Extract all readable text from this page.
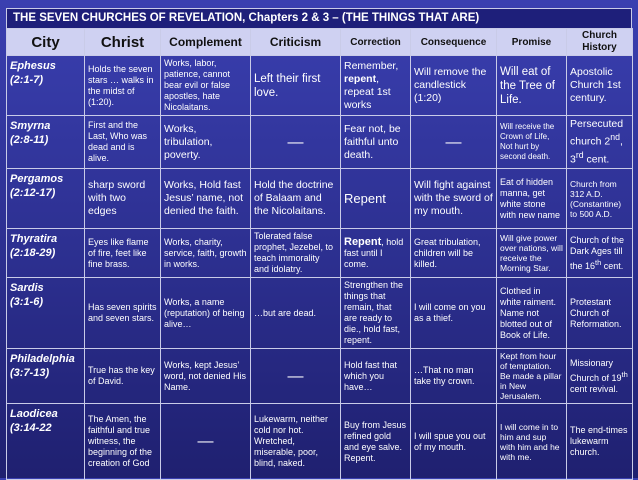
THE SEVEN CHURCHES OF REVELATION, Chapters 2 & 3 – (THE THINGS THAT ARE)
City	Christ	Complement	Criticism	Correction	Consequence	Promise	Church History

Ephesus
(2:1-7)	Holds the seven stars … walks in the midst of (1:20).	Works, labor, patience, cannot bear evil or false apostles, hate Nicolaitans.	Left their first love.	Remember, repent, repeat 1st works	Will remove the candlestick (1:20)	Will eat of the Tree of Life.	Apostolic Church 1st century.

Smyrna
(2:8-11)	First and the Last, Who was dead and is alive.	Works, tribulation, poverty.	—	Fear not, be faithful unto death.	—	Will receive the Crown of Life, Not hurt by second death.	Persecuted church 2nd, 3rd cent.

Pergamos
(2:12-17)	sharp sword with two edges	Works, Hold fast Jesus’ name, not denied the faith.	Hold the doctrine of Balaam and the Nicolaitans.	Repent	Will fight against with the sword of my mouth.	Eat of hidden manna, get white stone with new name	Church from 312 A.D. (Constantine) to 500 A.D.

Thyratira
(2:18-29)	Eyes like flame of fire, feet like fine brass.	Works, charity, service, faith, growth in works.	Tolerated false prophet, Jezebel, to teach immorality and idolatry.	Repent, hold fast until I come.	Great tribulation, children will be killed.	Will give power over nations, will receive the Morning Star.	Church of the Dark Ages till the 16th cent.

Sardis
(3:1-6)	Has seven spirits and seven stars.	Works, a name (reputation) of being alive…	…but are dead.	Strengthen the things that remain, that are ready to die., hold fast, repent.	I will come on you as a thief.	Clothed in white raiment. Name not blotted out of Book of Life.	Protestant Church of Reformation.

Philadelphia
(3:7-13)	True has the key of David.	Works, kept Jesus’ word, not denied His Name.	—	Hold fast that which you have…	…That no man take thy crown.	Kept from hour of temptation. Be made a pillar in New Jerusalem.	Missionary Church of 19th cent revival.

Laodicea
(3:14-22	The Amen, the faithful and true witness, the beginning of the creation of God	—	Lukewarm, neither cold nor hot. Wretched, miserable, poor, blind, naked.	Buy from Jesus refined gold and eye salve. Repent.	I will spue you out of my mouth.	I will come in to him and sup with him and he with me.	The end-times lukewarm church.
